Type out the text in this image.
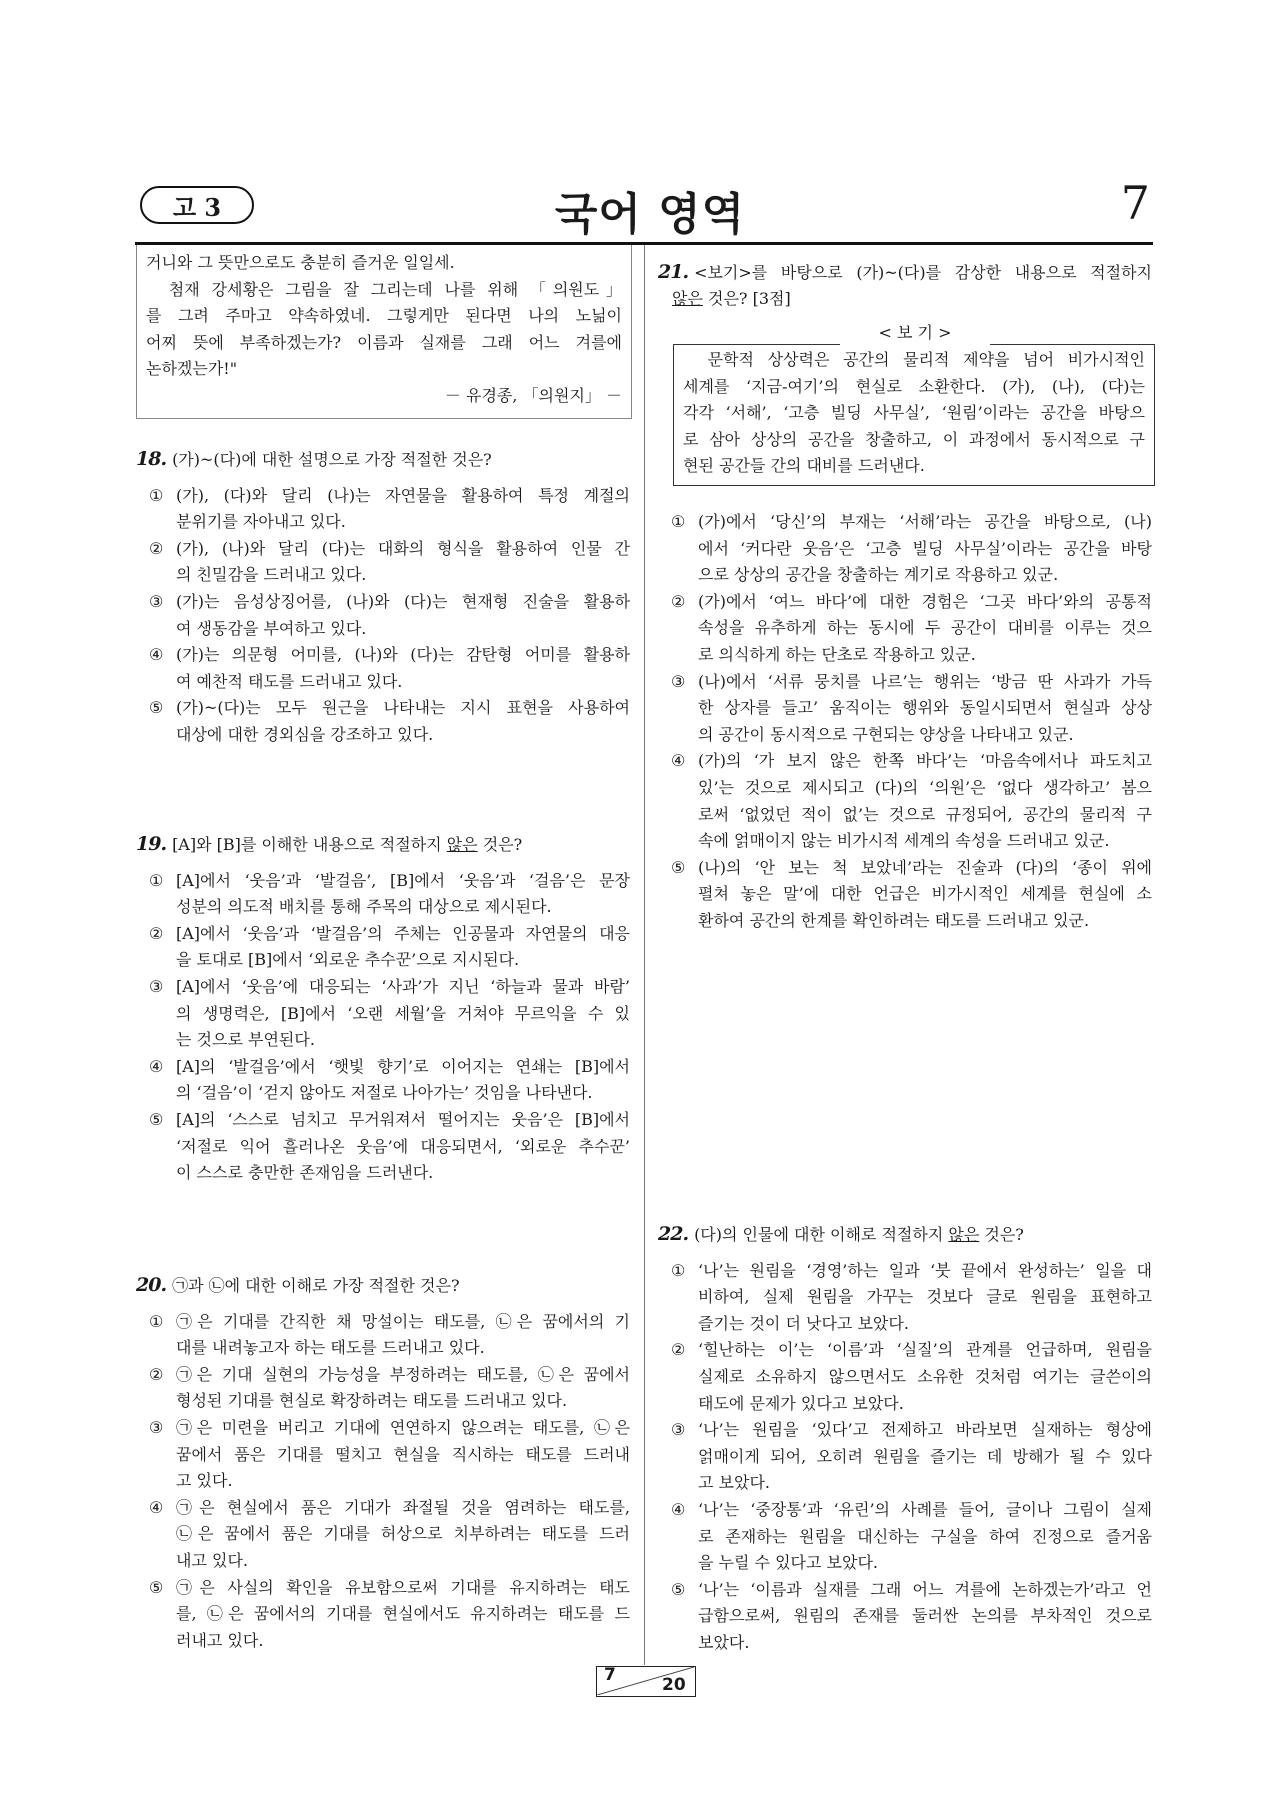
고 3	국어 영역	7
거니와 그 뜻만으로도 충분히 즐거운 일일세.
　첨재 강세황은 그림을 잘 그리는데 나를 위해 「의원도」
를 그려 주마고 약속하였네. 그렇게만 된다면 나의 노닒이
어찌 뜻에 부족하겠는가? 이름과 실재를 그래 어느 겨를에
논하겠는가!"
－ 유경종, 「의원지」 －
18. (가)~(다)에 대한 설명으로 가장 적절한 것은?
① (가), (다)와 달리 (나)는 자연물을 활용하여 특정 계절의
분위기를 자아내고 있다.
② (가), (나)와 달리 (다)는 대화의 형식을 활용하여 인물 간
의 친밀감을 드러내고 있다.
③ (가)는 음성상징어를, (나)와 (다)는 현재형 진술을 활용하
여 생동감을 부여하고 있다.
④ (가)는 의문형 어미를, (나)와 (다)는 감탄형 어미를 활용하
여 예찬적 태도를 드러내고 있다.
⑤ (가)~(다)는 모두 원근을 나타내는 지시 표현을 사용하여
대상에 대한 경외심을 강조하고 있다.
19. [A]와 [B]를 이해한 내용으로 적절하지 않은 것은?
① [A]에서 ‘웃음’과 ‘발걸음’, [B]에서 ‘웃음’과 ‘걸음’은 문장
성분의 의도적 배치를 통해 주목의 대상으로 제시된다.
② [A]에서 ‘웃음’과 ‘발걸음’의 주체는 인공물과 자연물의 대응
을 토대로 [B]에서 ‘외로운 추수꾼’으로 지시된다.
③ [A]에서 ‘웃음’에 대응되는 ‘사과’가 지닌 ‘하늘과 물과 바람’
의 생명력은, [B]에서 ‘오랜 세월’을 거쳐야 무르익을 수 있
는 것으로 부연된다.
④ [A]의 ‘발걸음’에서 ‘햇빛 향기’로 이어지는 연쇄는 [B]에서
의 ‘걸음’이 ‘걷지 않아도 저절로 나아가는’ 것임을 나타낸다.
⑤ [A]의 ‘스스로 넘치고 무거워져서 떨어지는 웃음’은 [B]에서
‘저절로 익어 흘러나온 웃음’에 대응되면서, ‘외로운 추수꾼’
이 스스로 충만한 존재임을 드러낸다.
20. ㉠과 ㉡에 대한 이해로 가장 적절한 것은?
① ㉠은 기대를 간직한 채 망설이는 태도를, ㉡은 꿈에서의 기
대를 내려놓고자 하는 태도를 드러내고 있다.
② ㉠은 기대 실현의 가능성을 부정하려는 태도를, ㉡은 꿈에서
형성된 기대를 현실로 확장하려는 태도를 드러내고 있다.
③ ㉠은 미련을 버리고 기대에 연연하지 않으려는 태도를, ㉡은
꿈에서 품은 기대를 떨치고 현실을 직시하는 태도를 드러내
고 있다.
④ ㉠은 현실에서 품은 기대가 좌절될 것을 염려하는 태도를,
㉡은 꿈에서 품은 기대를 허상으로 치부하려는 태도를 드러
내고 있다.
⑤ ㉠은 사실의 확인을 유보함으로써 기대를 유지하려는 태도
를, ㉡은 꿈에서의 기대를 현실에서도 유지하려는 태도를 드
러내고 있다.
21. <보기>를 바탕으로 (가)~(다)를 감상한 내용으로 적절하지
않은 것은? [3점]
① (가)에서 ‘당신’의 부재는 ‘서해’라는 공간을 바탕으로, (나)
에서 ‘커다란 웃음’은 ‘고층 빌딩 사무실’이라는 공간을 바탕
으로 상상의 공간을 창출하는 계기로 작용하고 있군.
② (가)에서 ‘여느 바다’에 대한 경험은 ‘그곳 바다’와의 공통적
속성을 유추하게 하는 동시에 두 공간이 대비를 이루는 것으
로 의식하게 하는 단초로 작용하고 있군.
③ (나)에서 ‘서류 뭉치를 나르’는 행위는 ‘방금 딴 사과가 가득
한 상자를 들고’ 움직이는 행위와 동일시되면서 현실과 상상
의 공간이 동시적으로 구현되는 양상을 나타내고 있군.
④ (가)의 ‘가 보지 않은 한쪽 바다’는 ‘마음속에서나 파도치고
있’는 것으로 제시되고 (다)의 ‘의원’은 ‘없다 생각하고’ 봄으
로써 ‘없었던 적이 없’는 것으로 규정되어, 공간의 물리적 구
속에 얽매이지 않는 비가시적 세계의 속성을 드러내고 있군.
⑤ (나)의 ‘안 보는 척 보았네’라는 진술과 (다)의 ‘종이 위에
펼쳐 놓은 말’에 대한 언급은 비가시적인 세계를 현실에 소
환하여 공간의 한계를 확인하려는 태도를 드러내고 있군.
22. (다)의 인물에 대한 이해로 적절하지 않은 것은?
① ‘나’는 원림을 ‘경영’하는 일과 ‘붓 끝에서 완성하는’ 일을 대
비하여, 실제 원림을 가꾸는 것보다 글로 원림을 표현하고
즐기는 것이 더 낫다고 보았다.
② ‘힐난하는 이’는 ‘이름’과 ‘실질’의 관계를 언급하며, 원림을
실제로 소유하지 않으면서도 소유한 것처럼 여기는 글쓴이의
태도에 문제가 있다고 보았다.
③ ‘나’는 원림을 ‘있다’고 전제하고 바라보면 실재하는 형상에
얽매이게 되어, 오히려 원림을 즐기는 데 방해가 될 수 있다
고 보았다.
④ ‘나’는 ‘중장통’과 ‘유린’의 사례를 들어, 글이나 그림이 실제
로 존재하는 원림을 대신하는 구실을 하여 진정으로 즐거움
을 누릴 수 있다고 보았다.
⑤ ‘나’는 ‘이름과 실재를 그래 어느 겨를에 논하겠는가’라고 언
급함으로써, 원림의 존재를 둘러싼 논의를 부차적인 것으로
보았다.
< 보 기 >
　문학적 상상력은 공간의 물리적 제약을 넘어 비가시적인
세계를 ‘지금-여기’의 현실로 소환한다. (가), (나), (다)는
각각 ‘서해’, ‘고층 빌딩 사무실’, ‘원림’이라는 공간을 바탕으
로 삼아 상상의 공간을 창출하고, 이 과정에서 동시적으로 구
현된 공간들 간의 대비를 드러낸다.
7	20
